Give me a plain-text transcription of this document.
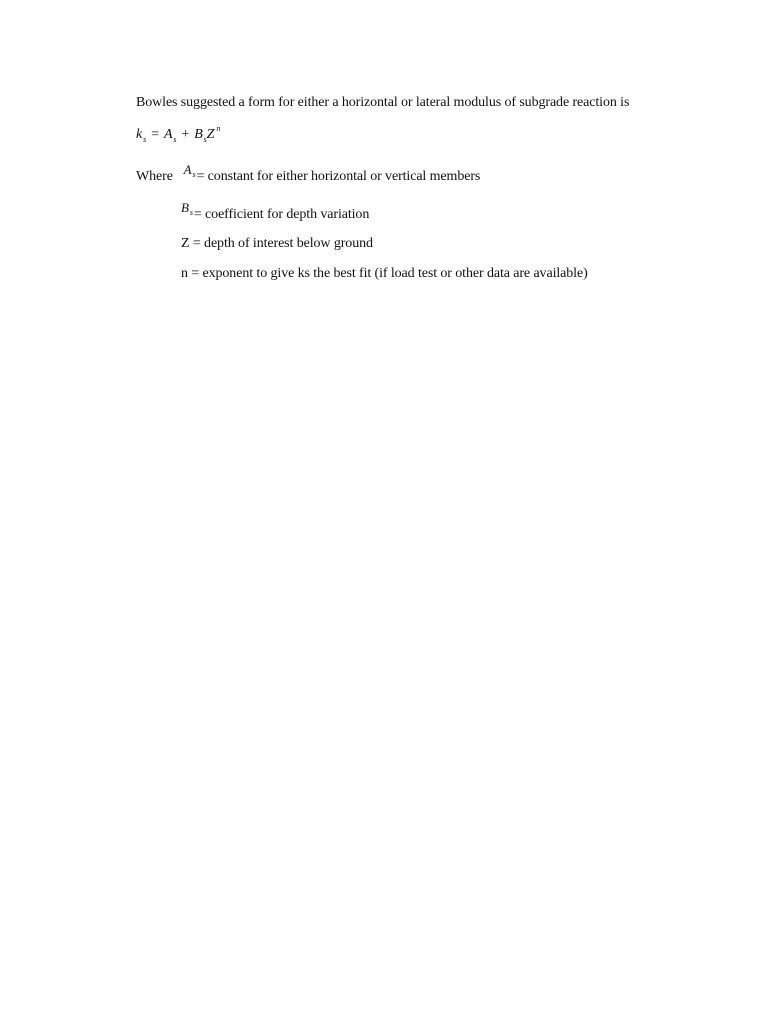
Bowles suggested a form for either a horizontal or lateral modulus of subgrade reaction is
$k_s = A_s + B_sZ$ $^n$
Where $A_s=$ constant for either horizontal or vertical members
$B_s=$ coefficient for depth variation
Z = depth of interest below ground
n = exponent to give ks the best fit (if load test or other data are available)
